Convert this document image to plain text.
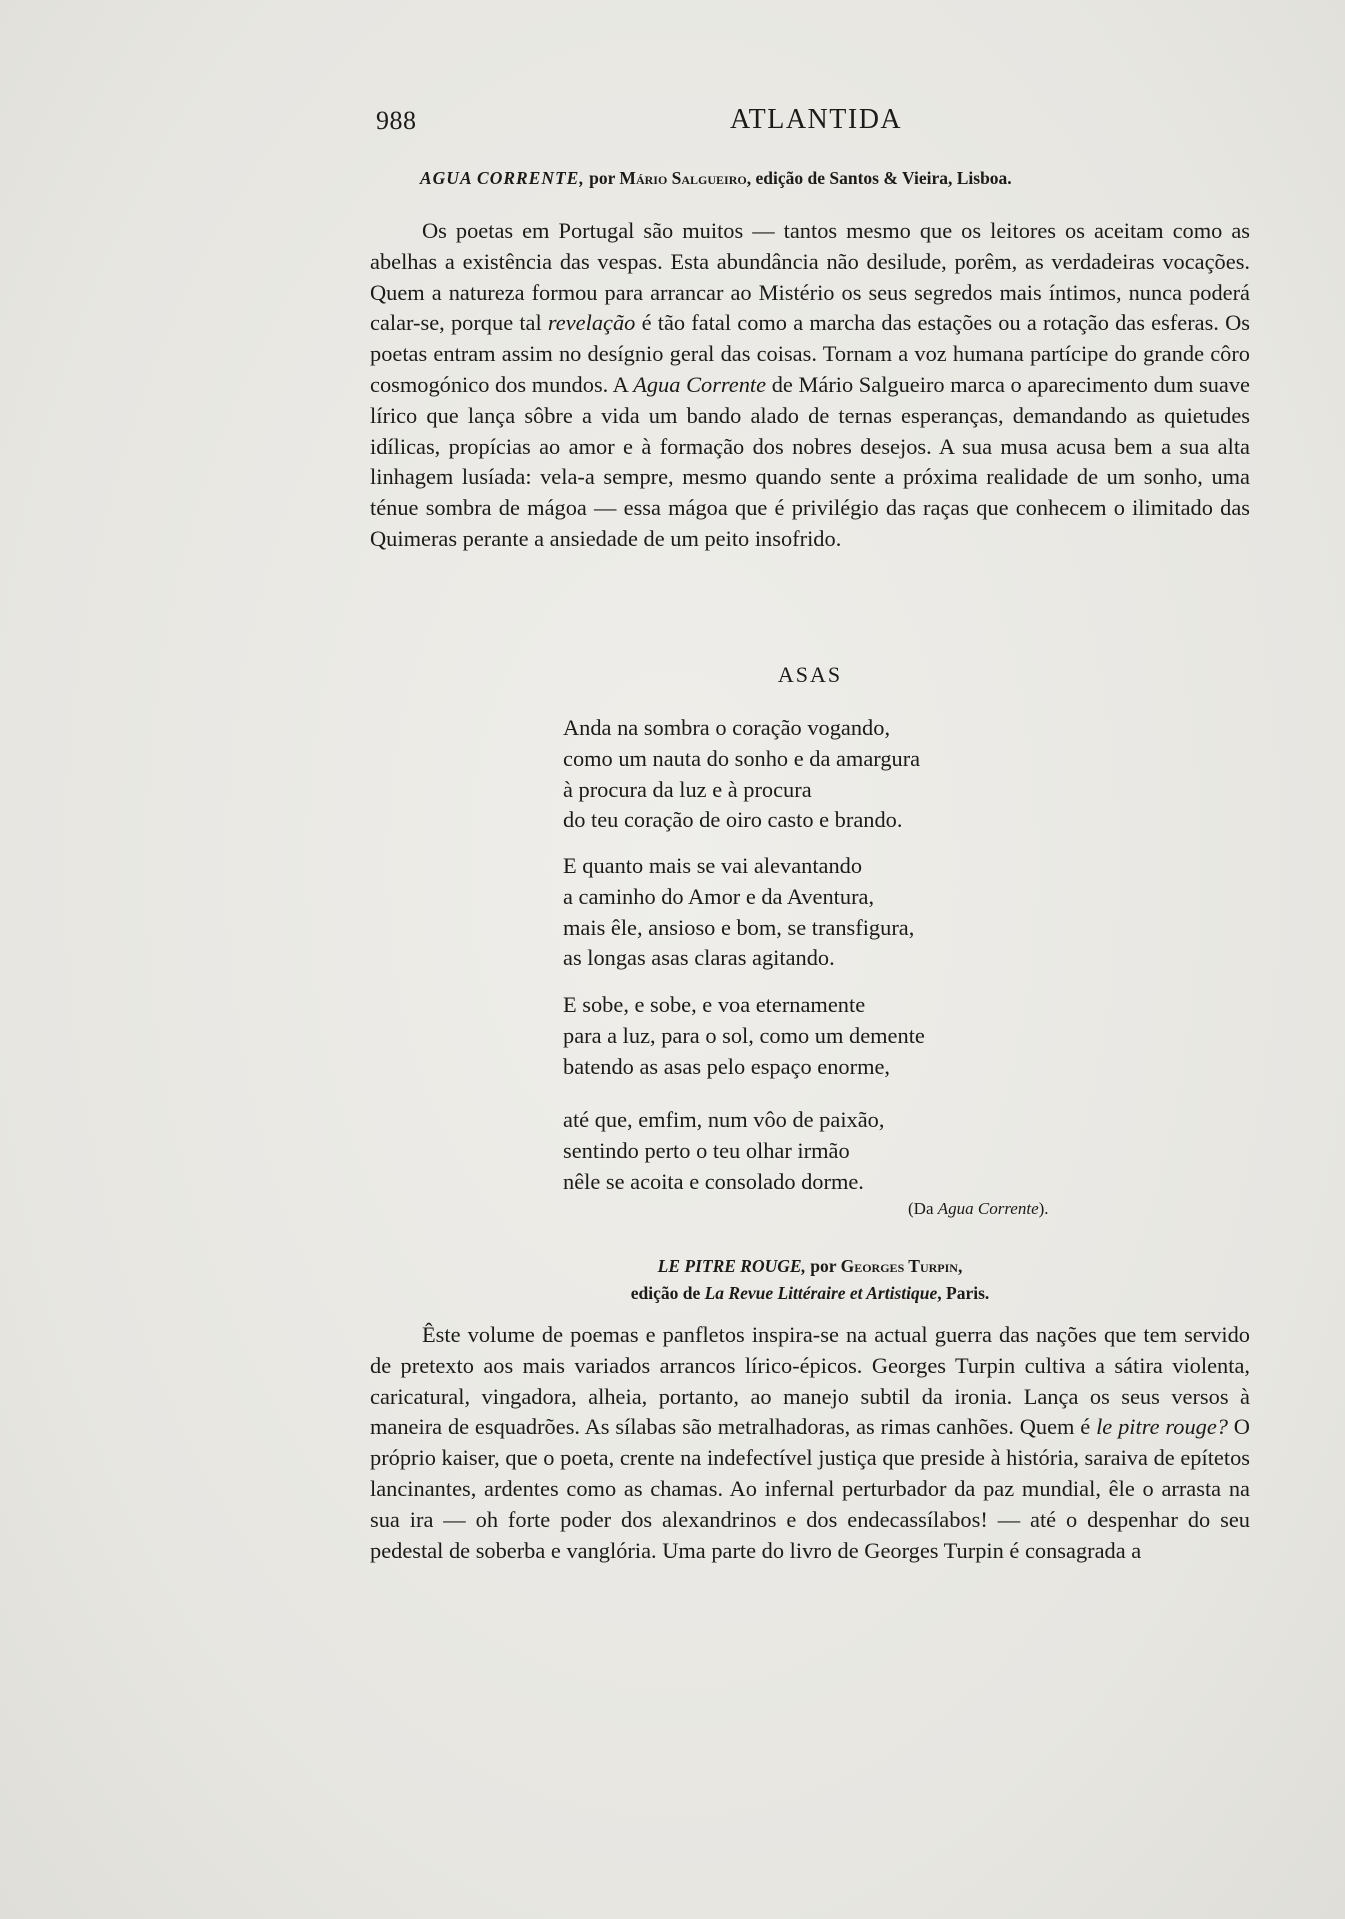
988	ATLANTIDA
AGUA CORRENTE, por Mário Salgueiro, edição de Santos & Vieira, Lisboa.

Os poetas em Portugal são muitos — tantos mesmo que os leitores os aceitam como as abelhas a existência das vespas. Esta abundância não desilude, porêm, as verdadeiras vocações. Quem a natureza formou para arrancar ao Mistério os seus segredos mais íntimos, nunca poderá calar-se, porque tal revelação é tão fatal como a marcha das estações ou a rotação das esferas. Os poetas entram assim no desígnio geral das coisas. Tornam a voz humana partícipe do grande côro cosmogónico dos mundos. A Agua Corrente de Mário Salgueiro marca o aparecimento dum suave lírico que lança sôbre a vida um bando alado de ternas esperanças, demandando as quietudes idílicas, propícias ao amor e à formação dos nobres desejos. A sua musa acusa bem a sua alta linhagem lusíada: vela-a sempre, mesmo quando sente a próxima realidade de um sonho, uma ténue sombra de mágoa — essa mágoa que é privilégio das raças que conhecem o ilimitado das Quimeras perante a ansiedade de um peito insofrido.

ASAS
Anda na sombra o coração vogando,
como um nauta do sonho e da amargura
à procura da luz e à procura
do teu coração de oiro casto e brando.
E quanto mais se vai alevantando
a caminho do Amor e da Aventura,
mais êle, ansioso e bom, se transfigura,
as longas asas claras agitando.
E sobe, e sobe, e voa eternamente
para a luz, para o sol, como um demente
batendo as asas pelo espaço enorme,
até que, emfim, num vôo de paixão,
sentindo perto o teu olhar irmão
nêle se acoita e consolado dorme.
(Da Agua Corrente).
LE PITRE ROUGE, por Georges Turpin,
edição de La Revue Littéraire et Artistique, Paris.

Êste volume de poemas e panfletos inspira-se na actual guerra das nações que tem servido de pretexto aos mais variados arrancos lírico-épicos. Georges Turpin cultiva a sátira violenta, caricatural, vingadora, alheia, portanto, ao manejo subtil da ironia. Lança os seus versos à maneira de esquadrões. As sílabas são metralhadoras, as rimas canhões. Quem é le pitre rouge? O próprio kaiser, que o poeta, crente na indefectível justiça que preside à história, saraiva de epítetos lancinantes, ardentes como as chamas. Ao infernal perturbador da paz mundial, êle o arrasta na sua ira — oh forte poder dos alexandrinos e dos endecassílabos! — até o despenhar do seu pedestal de soberba e vanglória. Uma parte do livro de Georges Turpin é consagrada a
